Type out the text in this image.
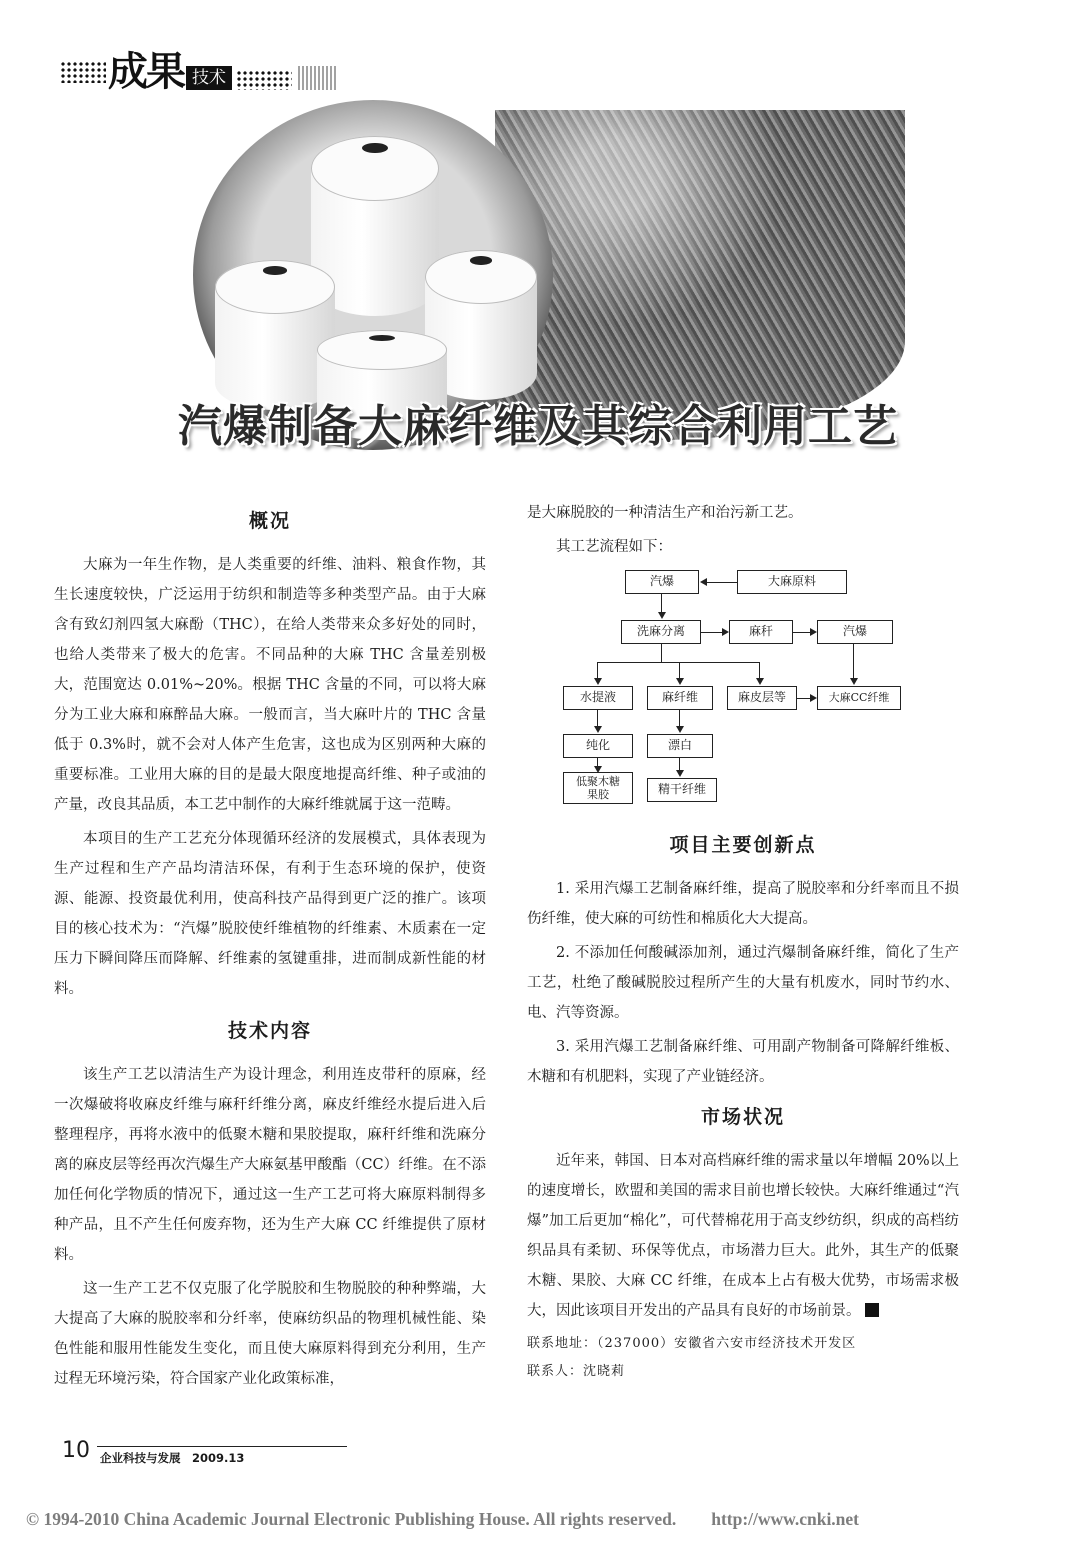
成果 技术
汽爆制备大麻纤维及其综合利用工艺
概况

大麻为一年生作物，是人类重要的纤维、油料、粮食作物，其生长速度较快，广泛运用于纺织和制造等多种类型产品。由于大麻含有致幻剂四氢大麻酚（THC），在给人类带来众多好处的同时，也给人类带来了极大的危害。不同品种的大麻 THC 含量差别极大，范围宽达 0.01%~20%。根据 THC 含量的不同，可以将大麻分为工业大麻和麻醉品大麻。一般而言，当大麻叶片的 THC 含量低于 0.3%时，就不会对人体产生危害，这也成为区别两种大麻的重要标准。工业用大麻的目的是最大限度地提高纤维、种子或油的产量，改良其品质，本工艺中制作的大麻纤维就属于这一范畴。

本项目的生产工艺充分体现循环经济的发展模式，具体表现为生产过程和生产产品均清洁环保，有利于生态环境的保护，使资源、能源、投资最优利用，使高科技产品得到更广泛的推广。该项目的核心技术为：“汽爆”脱胶使纤维植物的纤维素、木质素在一定压力下瞬间降压而降解、纤维素的氢键重排，进而制成新性能的材料。

技术内容

该生产工艺以清洁生产为设计理念，利用连皮带秆的原麻，经一次爆破将收麻皮纤维与麻秆纤维分离，麻皮纤维经水提后进入后整理程序，再将水液中的低聚木糖和果胶提取，麻秆纤维和洗麻分离的麻皮层等经再次汽爆生产大麻氨基甲酸酯（CC）纤维。在不添加任何化学物质的情况下，通过这一生产工艺可将大麻原料制得多种产品，且不产生任何废弃物，还为生产大麻 CC 纤维提供了原材料。

这一生产工艺不仅克服了化学脱胶和生物脱胶的种种弊端，大大提高了大麻的脱胶率和分纤率，使麻纺织品的物理机械性能、染色性能和服用性能发生变化，而且使大麻原料得到充分利用，生产过程无环境污染，符合国家产业化政策标准，

是大麻脱胶的一种清洁生产和治污新工艺。

其工艺流程如下：

汽爆	大麻原料
洗麻分离	麻秆	汽爆
水提液	麻纤维	麻皮层等	大麻CC纤维
纯化	漂白
低聚木糖
果胶	精干纤维
项目主要创新点

1. 采用汽爆工艺制备麻纤维，提高了脱胶率和分纤率而且不损伤纤维，使大麻的可纺性和棉质化大大提高。

2. 不添加任何酸碱添加剂，通过汽爆制备麻纤维，简化了生产工艺，杜绝了酸碱脱胶过程所产生的大量有机废水，同时节约水、电、汽等资源。

3. 采用汽爆工艺制备麻纤维、可用副产物制备可降解纤维板、木糖和有机肥料，实现了产业链经济。

市场状况

近年来，韩国、日本对高档麻纤维的需求量以年增幅 20%以上的速度增长，欧盟和美国的需求目前也增长较快。大麻纤维通过“汽爆”加工后更加“棉化”，可代替棉花用于高支纱纺织，织成的高档纺织品具有柔韧、环保等优点，市场潜力巨大。此外，其生产的低聚木糖、果胶、大麻 CC 纤维，在成本上占有极大优势，市场需求极大，因此该项目开发出的产品具有良好的市场前景。

联系地址：（237000）安徽省六安市经济技术开发区
联系人：沈晓莉
10 企业科技与发展　2009.13
© 1994-2010 China Academic Journal Electronic Publishing House. All rights reserved.　　http://www.cnki.net
